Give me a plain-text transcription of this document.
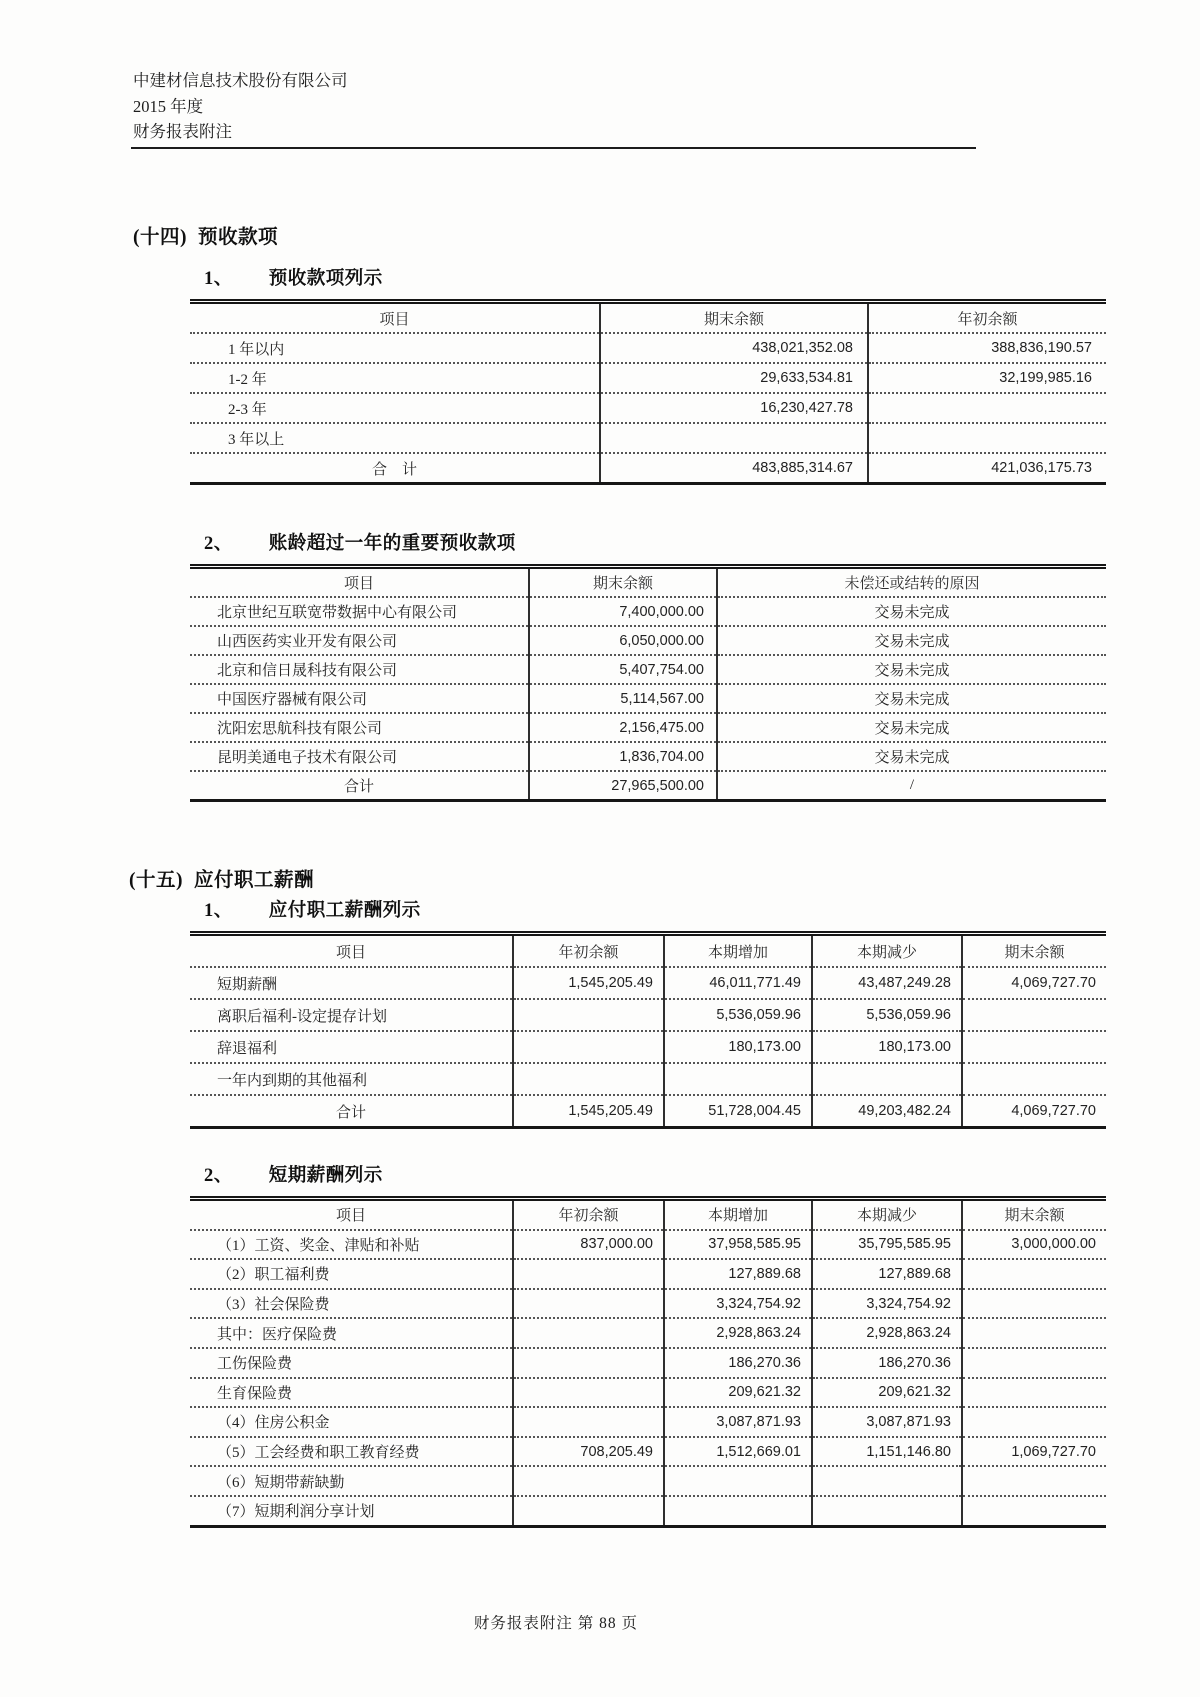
中建材信息技术股份有限公司
2015 年度
财务报表附注
(十四) 预收款项
1、 预收款项列示
项目	期末余额	年初余额
1 年以内	438,021,352.08	388,836,190.57
1-2 年	29,633,534.81	32,199,985.16
2-3 年	16,230,427.78	
3 年以上		
合　计	483,885,314.67	421,036,175.73
2、 账龄超过一年的重要预收款项
项目	期末余额	未偿还或结转的原因
北京世纪互联宽带数据中心有限公司	7,400,000.00	交易未完成
山西医药实业开发有限公司	6,050,000.00	交易未完成
北京和信日晟科技有限公司	5,407,754.00	交易未完成
中国医疗器械有限公司	5,114,567.00	交易未完成
沈阳宏思航科技有限公司	2,156,475.00	交易未完成
昆明美通电子技术有限公司	1,836,704.00	交易未完成
合计	27,965,500.00	/
(十五) 应付职工薪酬
1、 应付职工薪酬列示
项目	年初余额	本期增加	本期减少	期末余额
短期薪酬	1,545,205.49	46,011,771.49	43,487,249.28	4,069,727.70
离职后福利-设定提存计划		5,536,059.96	5,536,059.96	
辞退福利		180,173.00	180,173.00	
一年内到期的其他福利				
合计	1,545,205.49	51,728,004.45	49,203,482.24	4,069,727.70
2、 短期薪酬列示
项目	年初余额	本期增加	本期减少	期末余额
（1）工资、奖金、津贴和补贴	837,000.00	37,958,585.95	35,795,585.95	3,000,000.00
（2）职工福利费		127,889.68	127,889.68	
（3）社会保险费		3,324,754.92	3,324,754.92	
其中：医疗保险费		2,928,863.24	2,928,863.24	
工伤保险费		186,270.36	186,270.36	
生育保险费		209,621.32	209,621.32	
（4）住房公积金		3,087,871.93	3,087,871.93	
（5）工会经费和职工教育经费	708,205.49	1,512,669.01	1,151,146.80	1,069,727.70
（6）短期带薪缺勤				
（7）短期利润分享计划				
财务报表附注 第 88 页
